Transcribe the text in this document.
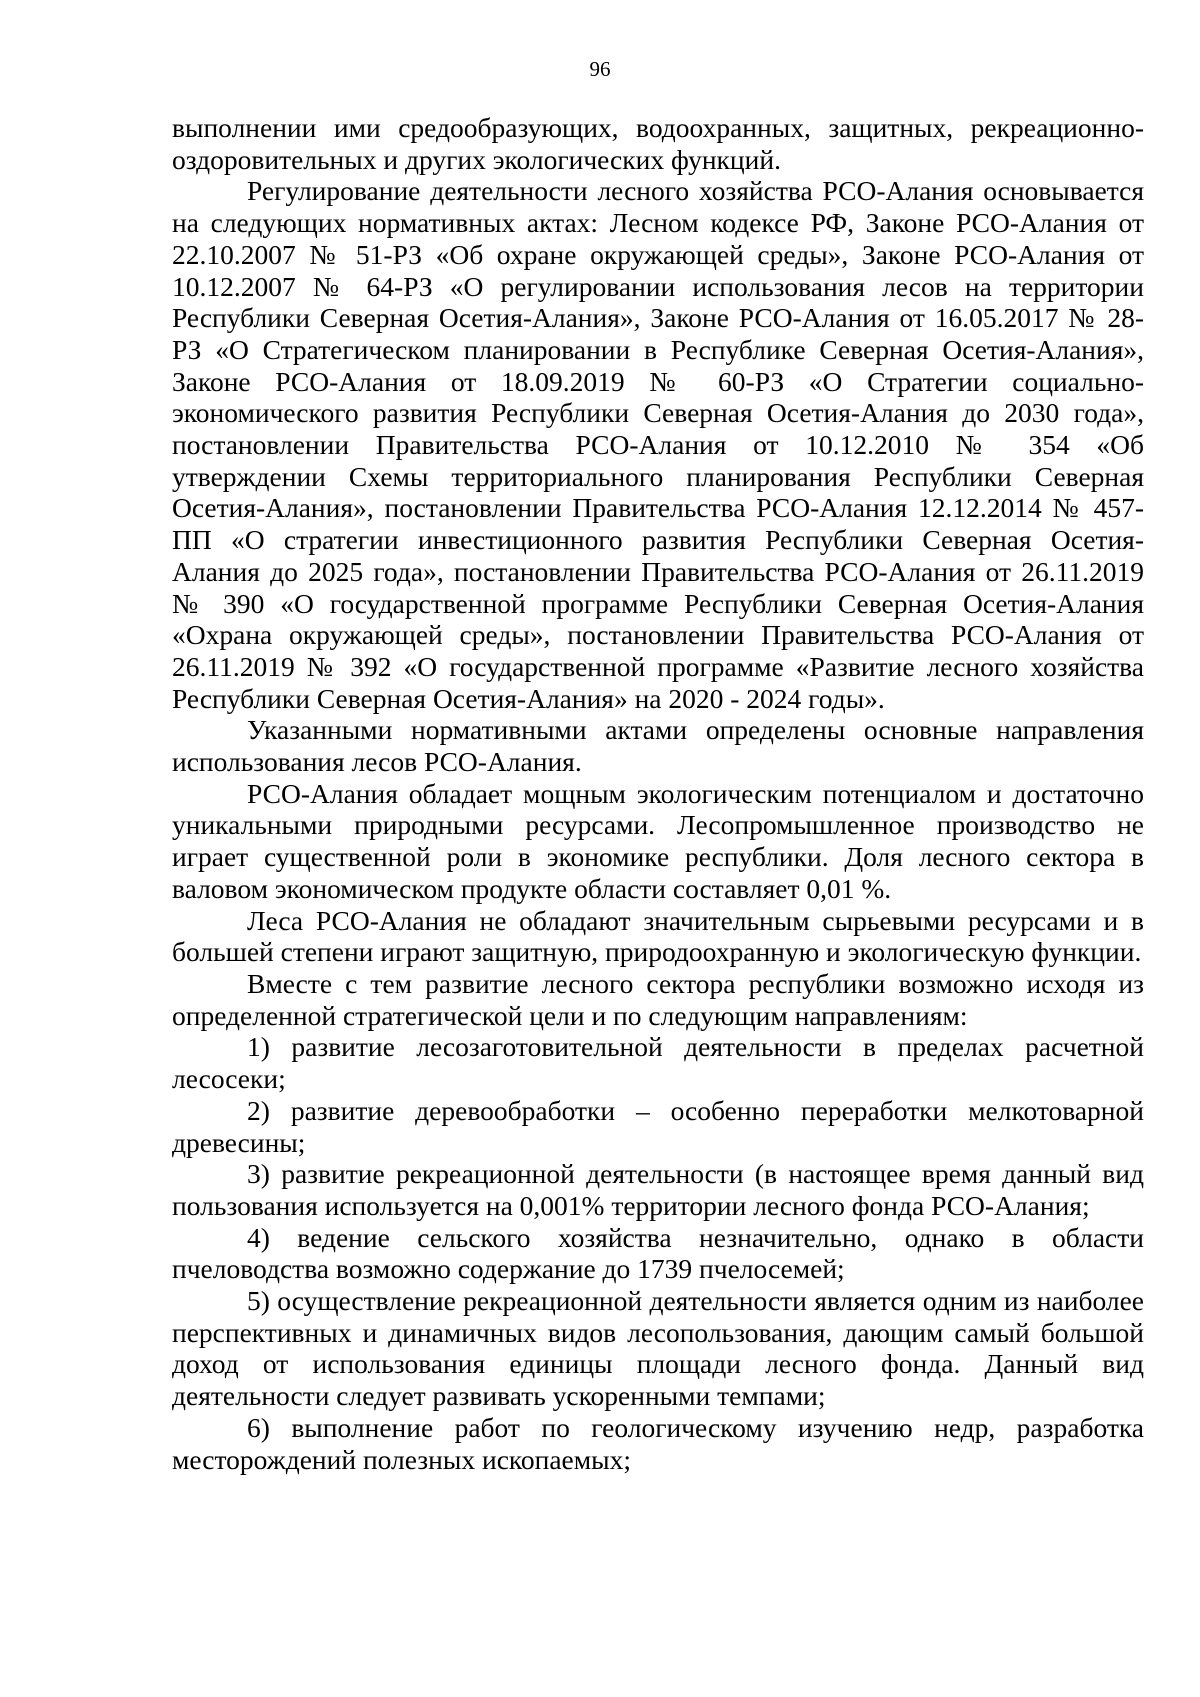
96

выполнении ими средообразующих, водоохранных, защитных, рекреационно-оздоровительных и других экологических функций.

Регулирование деятельности лесного хозяйства РСО-Алания основывается на следующих нормативных актах: Лесном кодексе РФ, Законе РСО-Алания от 22.10.2007 № 51-РЗ «Об охране окружающей среды», Законе РСО-Алания от 10.12.2007 № 64-РЗ «О регулировании использования лесов на территории Республики Северная Осетия-Алания», Законе РСО-Алания от 16.05.2017 № 28-РЗ «О Стратегическом планировании в Республике Северная Осетия-Алания», Законе РСО-Алания от 18.09.2019 № 60-РЗ «О Стратегии социально-экономического развития Республики Северная Осетия-Алания до 2030 года», постановлении Правительства РСО-Алания от 10.12.2010 № 354 «Об утверждении Схемы территориального планирования Республики Северная Осетия-Алания», постановлении Правительства РСО-Алания 12.12.2014 № 457-ПП «О стратегии инвестиционного развития Республики Северная Осетия-Алания до 2025 года», постановлении Правительства РСО-Алания от 26.11.2019 № 390 «О государственной программе Республики Северная Осетия-Алания «Охрана окружающей среды», постановлении Правительства РСО-Алания от 26.11.2019 № 392 «О государственной программе «Развитие лесного хозяйства Республики Северная Осетия-Алания» на 2020 - 2024 годы».

Указанными нормативными актами определены основные направления использования лесов РСО-Алания.

РСО-Алания обладает мощным экологическим потенциалом и достаточно уникальными природными ресурсами. Лесопромышленное производство не играет существенной роли в экономике республики. Доля лесного сектора в валовом экономическом продукте области составляет 0,01 %.

Леса РСО-Алания не обладают значительным сырьевыми ресурсами и в большей степени играют защитную, природоохранную и экологическую функции.

Вместе с тем развитие лесного сектора республики возможно исходя из определенной стратегической цели и по следующим направлениям:

1) развитие лесозаготовительной деятельности в пределах расчетной лесосеки;

2) развитие деревообработки – особенно переработки мелкотоварной древесины;

3) развитие рекреационной деятельности (в настоящее время данный вид пользования используется на 0,001% территории лесного фонда РСО-Алания;

4) ведение сельского хозяйства незначительно, однако в области пчеловодства возможно содержание до 1739 пчелосемей;

5) осуществление рекреационной деятельности является одним из наиболее перспективных и динамичных видов лесопользования, дающим самый большой доход от использования единицы площади лесного фонда. Данный вид деятельности следует развивать ускоренными темпами;

6) выполнение работ по геологическому изучению недр, разработка месторождений полезных ископаемых;
